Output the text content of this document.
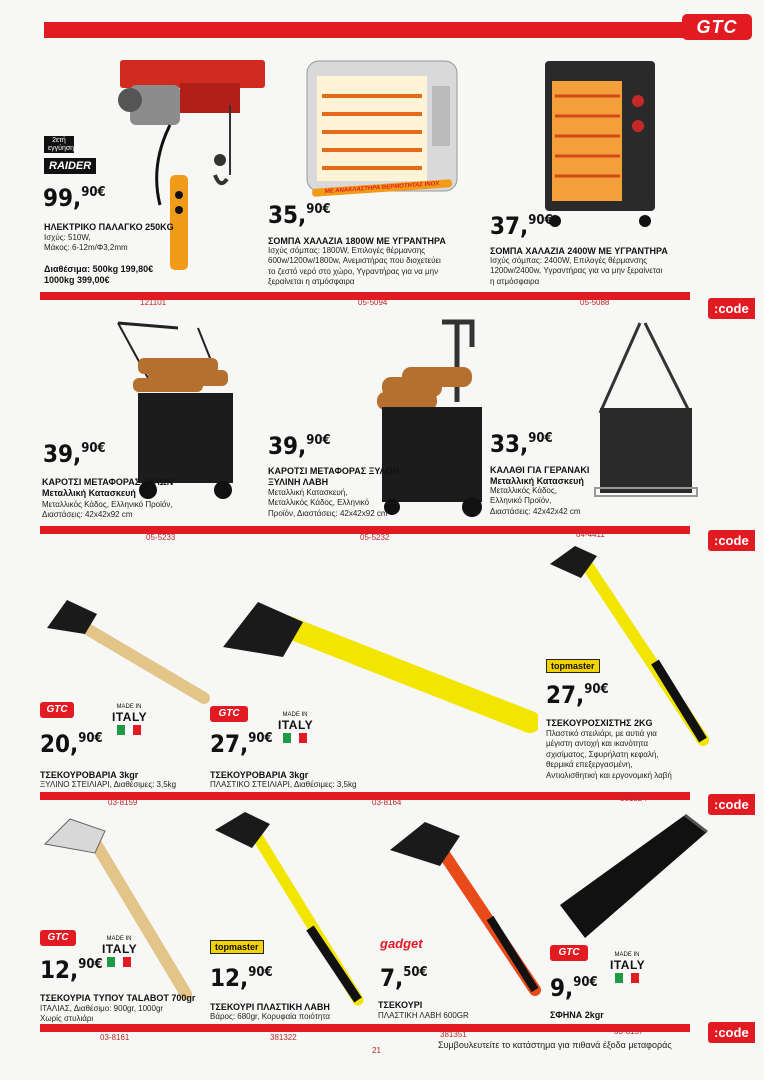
GTC
2ετή εγγύηση
RAIDER
99,$^{90€}$
ΗΛΕΚΤΡΙΚΟ ΠΑΛΑΓΚΟ 250KG
Ισχύς: 510W,
Μάκος: 6-12m/Φ3,2mm
Διαθέσιμα: 500kg 199,80€
1000kg 399,00€
ΜΕ ΑΝΑΚΛΑΣΤΗΡΑ ΘΕΡΜΟΤΗΤΑΣ INOX
35,$^{90€}$
ΣΟΜΠΑ ΧΑΛΑΖΙΑ 1800W ΜΕ ΥΓΡΑΝΤΗΡΑ
Ισχύς σόμπας: 1800W, Επιλογές θέρμανσης
600w/1200w/1800w, Ανεμιστήρας που διοχετεύει
το ζεστό νερό στο χώρο, Υγραντήρας για να μην
ξεραίνεται η ατμόσφαιρα
37,$^{90€}$
ΣΟΜΠΑ ΧΑΛΑΖΙΑ 2400W ΜΕ ΥΓΡΑΝΤΗΡΑ
Ισχύς σόμπας: 2400W, Επιλογές θέρμανσης
1200w/2400w, Υγραντήρας για να μην ξεραίνεται
η ατμόσφαιρα
:code
121101	05-5094	05-5088
39,$^{90€}$
ΚΑΡΟΤΣΙ ΜΕΤΑΦΟΡΑΣ ΞΥΛΩΝ Μεταλλική Κατασκευή
Μεταλλικός Κάδος, Ελληνικό Προϊόν,
Διαστάσεις: 42x42x92 cm
39,$^{90€}$
ΚΑΡΟΤΣΙ ΜΕΤΑΦΟΡΑΣ ΞΥΛΩΝ ΞΥΛΙΝΗ ΛΑΒΗ
Μεταλλική Κατασκευή,
Μεταλλικός Κάδος, Ελληνικό
Προϊόν, Διαστάσεις: 42x42x92 cm
33,$^{90€}$
ΚΑΛΑΘΙ ΓΙΑ ΓΕΡΑΝΑΚΙ Μεταλλική Κατασκευή
Μεταλλικός Κάδος,
Ελληνικό Προϊόν,
Διαστάσεις: 42x42x42 cm
:code
05-5233	05-5232	04-4411
GTC	MADE IN
ITALY
20,$^{90€}$
ΤΣΕΚΟΥΡΟΒΑΡΙΑ 3kgr
ΞΥΛΙΝΟ ΣΤΕΙΛΙΑΡΙ, Διαθέσιμες: 3,5kg
GTC	MADE IN
ITALY
27,$^{90€}$
ΤΣΕΚΟΥΡΟΒΑΡΙΑ 3kgr
ΠΛΑΣΤΙΚΟ ΣΤΕΙΛΙΑΡΙ, Διαθέσιμες: 3,5kg
topmaster
27,$^{90€}$
ΤΣΕΚΟΥΡΟΣΧΙΣΤΗΣ 2KG
Πλαστικό στειλιάρι, με αυτιά για
μέγιστη αντοχή και ικανότητα
σχισίματος, Σφυρήλατη κεφαλή,
θερμικά επεξεργασμένη,
Αντιολισθητική και εργονομική λαβή
:code
03-8159	03-8164	381324
GTC	MADE IN
ITALY
12,$^{90€}$
ΤΣΕΚΟΥΡΙΑ ΤΥΠΟΥ TALABOT 700gr
ΙΤΑΛΙΑΣ, Διαθέσιμο: 900gr, 1000gr
Χωρίς στυλιάρι
topmaster
12,$^{90€}$
ΤΣΕΚΟΥΡΙ ΠΛΑΣΤΙΚΗ ΛΑΒΗ
Βάρος: 680gr, Κορυφαία ποιότητα
gadget
7,$^{50€}$
ΤΣΕΚΟΥΡΙ
ΠΛΑΣΤΙΚΗ ΛΑΒΗ 600GR
GTC	MADE IN
ITALY
9,$^{90€}$
ΣΦΗΝΑ 2kgr
:code
03-8161	381322	381351	03-8157
Συμβουλευτείτε το κατάστημα για πιθανά έξοδα μεταφοράς
21
